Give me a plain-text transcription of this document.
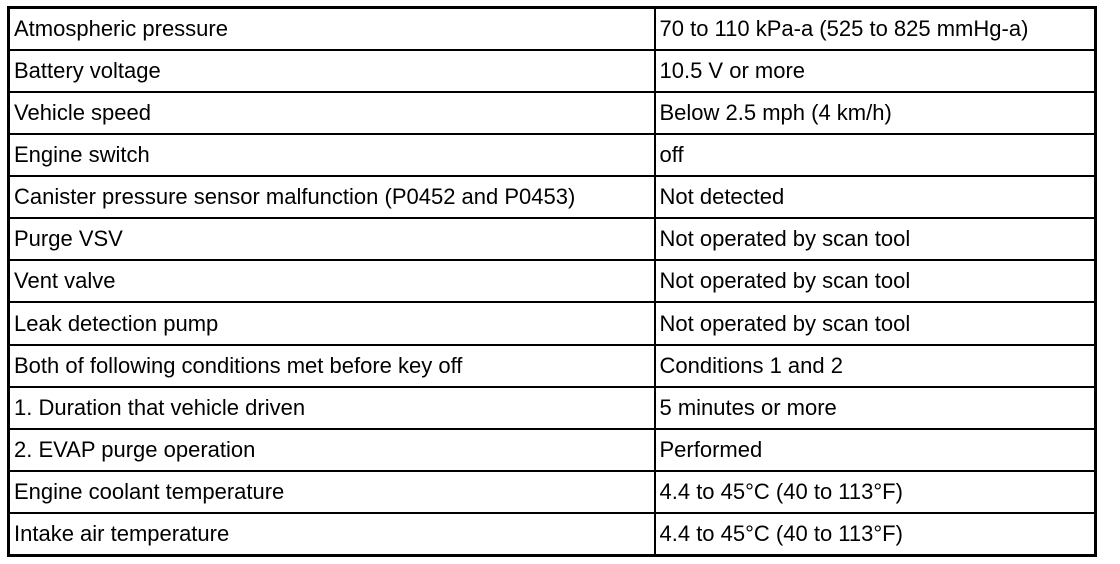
Atmospheric pressure	70 to 110 kPa-a (525 to 825 mmHg-a)
Battery voltage	10.5 V or more
Vehicle speed	Below 2.5 mph (4 km/h)
Engine switch	off
Canister pressure sensor malfunction (P0452 and P0453)	Not detected
Purge VSV	Not operated by scan tool
Vent valve	Not operated by scan tool
Leak detection pump	Not operated by scan tool
Both of following conditions met before key off	Conditions 1 and 2
1. Duration that vehicle driven	5 minutes or more
2. EVAP purge operation	Performed
Engine coolant temperature	4.4 to 45°C (40 to 113°F)
Intake air temperature	4.4 to 45°C (40 to 113°F)
